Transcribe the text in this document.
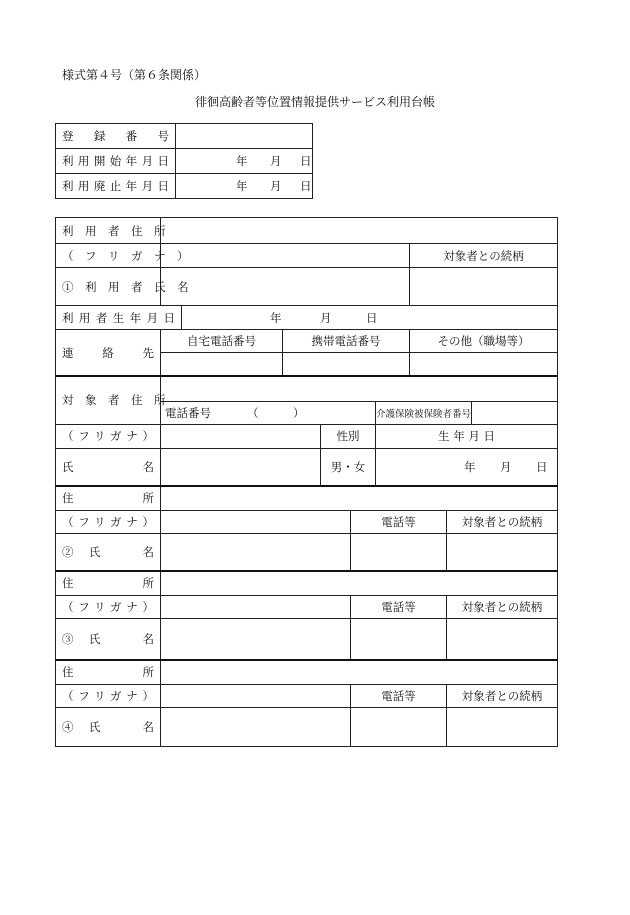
様式第４号（第６条関係）
徘徊高齢者等位置情報提供サービス利用台帳
登　録　番　号	
利用開始年月日	年 月 日
利用廃止年月日	年 月 日
利　用　者　住　所				
（　フ　リ　ガ　ナ　）				対象者との続柄
①　利　用　者　氏　名				
利用者生年月日		年 月 日		
連　　絡　　先	自宅電話番号		携帯電話番号	その他（職場等）

対　象　者　住　所				
	電話番号 （　　　）		介護保険被保険者番号	
（フリガナ）		性別	生 年 月 日	
氏　　　　名		男・女	年 月 日	
住　　　　所			
（フリガナ）		電話等	対象者との続柄
②　氏　　　名			
住　　　　所			
（フリガナ）		電話等	対象者との続柄
③　氏　　　名			
住　　　　所			
（フリガナ）		電話等	対象者との続柄
④　氏　　　名			
